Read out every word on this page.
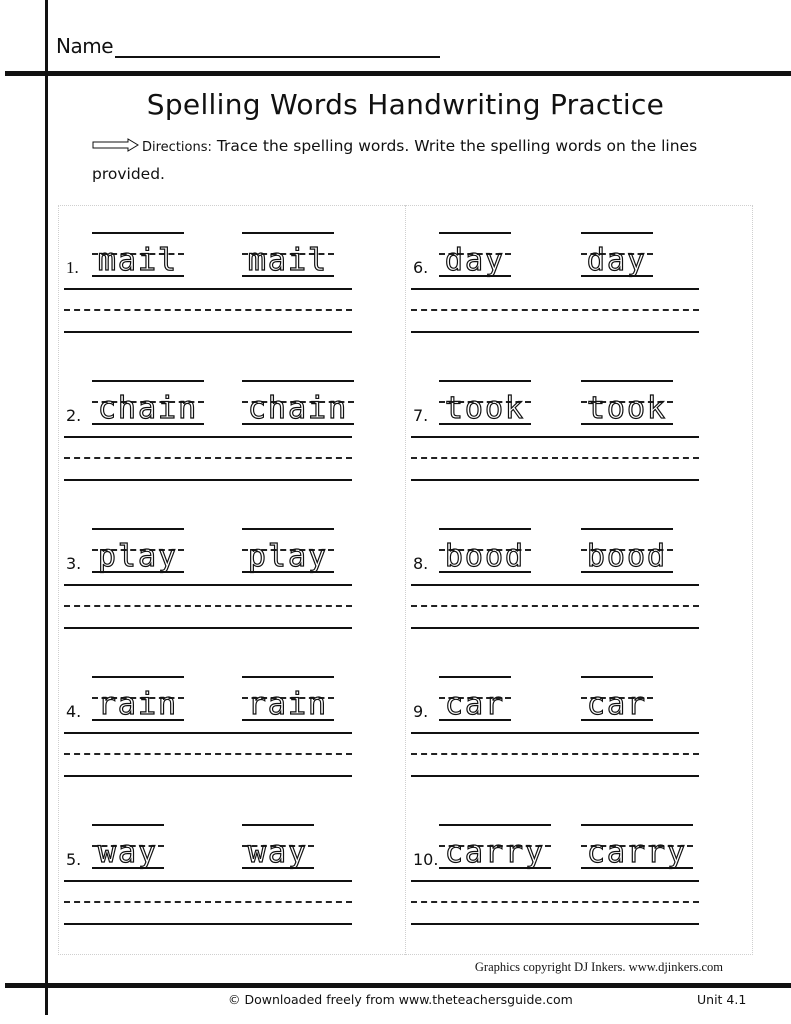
Name
Spelling Words Handwriting Practice
Directions: Trace the spelling words. Write the spelling words on the lines provided.
1. mail mail
2. chain chain
3. play play
4. rain rain
5. way	way
6. day	day
7. took took
8. bood bood
9. car	car
10. carry carry
Graphics copyright DJ Inkers. www.djinkers.com
© Downloaded freely from www.theteachersguide.com	Unit 4.1
